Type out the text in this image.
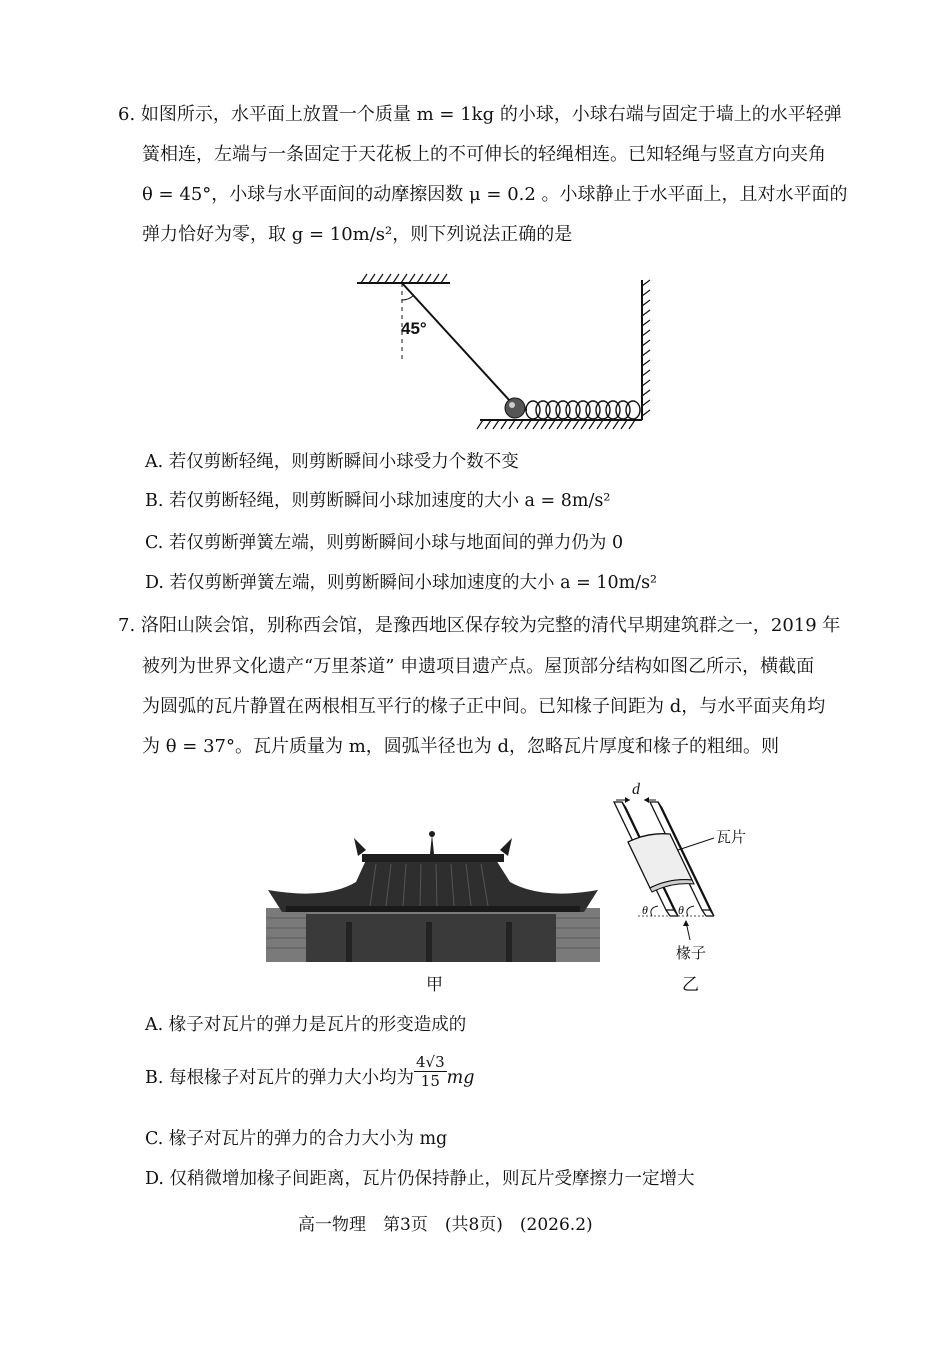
6. 如图所示，水平面上放置一个质量 m = 1kg 的小球，小球右端与固定于墙上的水平轻弹
簧相连，左端与一条固定于天花板上的不可伸长的轻绳相连。已知轻绳与竖直方向夹角
θ = 45°，小球与水平面间的动摩擦因数 μ = 0.2 。小球静止于水平面上，且对水平面的
弹力恰好为零，取 g = 10m/s²，则下列说法正确的是
45°
A. 若仅剪断轻绳，则剪断瞬间小球受力个数不变
B. 若仅剪断轻绳，则剪断瞬间小球加速度的大小 a = 8m/s²
C. 若仅剪断弹簧左端，则剪断瞬间小球与地面间的弹力仍为 0
D. 若仅剪断弹簧左端，则剪断瞬间小球加速度的大小 a = 10m/s²
7. 洛阳山陕会馆，别称西会馆，是豫西地区保存较为完整的清代早期建筑群之一，2019 年
被列为世界文化遗产“万里茶道” 申遗项目遗产点。屋顶部分结构如图乙所示，横截面
为圆弧的瓦片静置在两根相互平行的椽子正中间。已知椽子间距为 d，与水平面夹角均
为 θ = 37°。瓦片质量为 m，圆弧半径也为 d，忽略瓦片厚度和椽子的粗细。则
甲
d
瓦片
θ	θ
椽子
乙
A. 椽子对瓦片的弹力是瓦片的形变造成的
B. 每根椽子对瓦片的弹力大小均为 $\frac{4√3}{15}$ mg
C. 椽子对瓦片的弹力的合力大小为 mg
D. 仅稍微增加椽子间距离，瓦片仍保持静止，则瓦片受摩擦力一定增大
高一物理　第3页　(共8页)　(2026.2)
